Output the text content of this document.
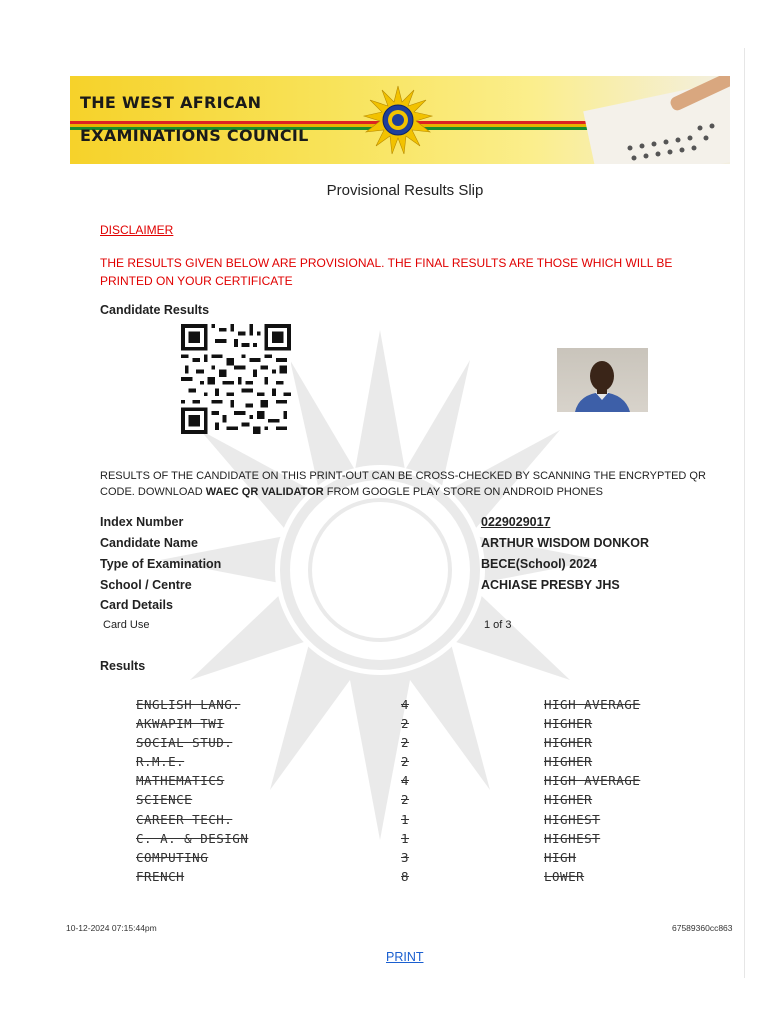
THE WEST AFRICAN
EXAMINATIONS COUNCIL
Provisional Results Slip
DISCLAIMER
THE RESULTS GIVEN BELOW ARE PROVISIONAL. THE FINAL RESULTS ARE THOSE WHICH WILL BE PRINTED ON YOUR CERTIFICATE
Candidate Results
RESULTS OF THE CANDIDATE ON THIS PRINT-OUT CAN BE CROSS-CHECKED BY SCANNING THE ENCRYPTED QR CODE. DOWNLOAD WAEC QR VALIDATOR FROM GOOGLE PLAY STORE ON ANDROID PHONES
Index Number	0229029017
Candidate Name	ARTHUR WISDOM DONKOR
Type of Examination	BECE(School) 2024
School / Centre	ACHIASE PRESBY JHS
Card Details
Card Use	1 of 3
Results
ENGLISH LANG.	4	HIGH AVERAGE
AKWAPIM TWI	2	HIGHER
SOCIAL STUD.	2	HIGHER
R.M.E.	2	HIGHER
MATHEMATICS	4	HIGH AVERAGE
SCIENCE	2	HIGHER
CAREER TECH.	1	HIGHEST
C. A. & DESIGN	1	HIGHEST
COMPUTING	3	HIGH
FRENCH	8	LOWER
10-12-2024 07:15:44pm	67589360cc863
PRINT
